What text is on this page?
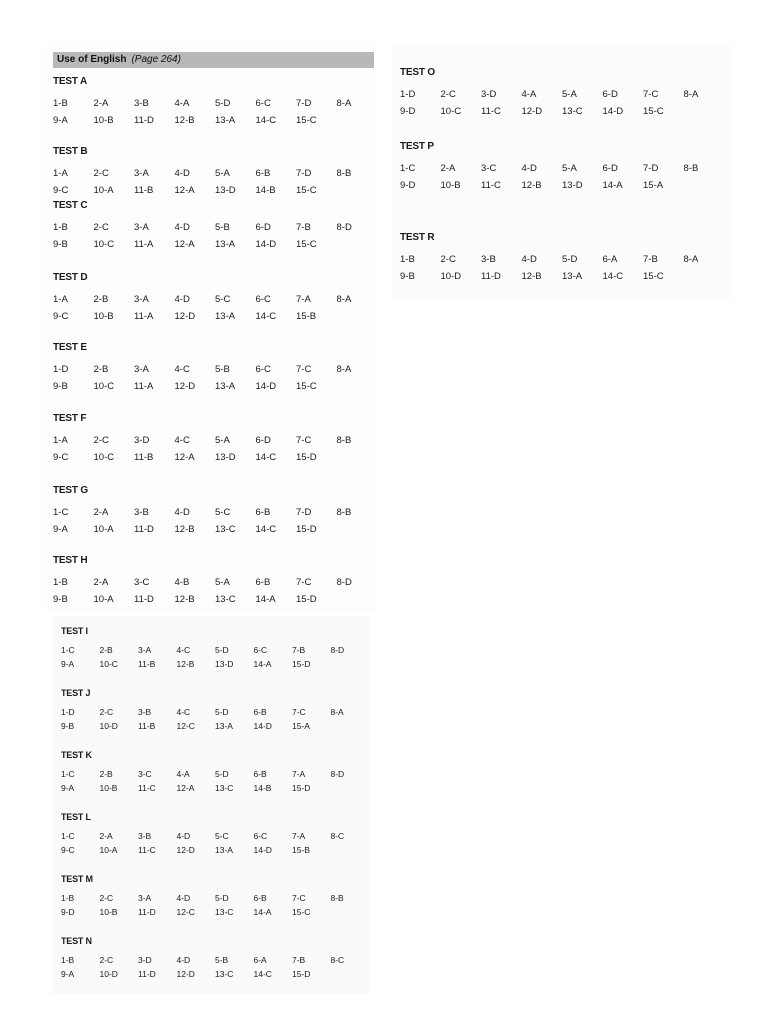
Use of English (Page 264)
TEST A
1-B	2-A	3-B	4-A	5-D	6-C	7-D	8-A
9-A	10-B	11-D	12-B	13-A	14-C	15-C
TEST B
1-A	2-C	3-A	4-D	5-A	6-B	7-D	8-B
9-C	10-A	11-B	12-A	13-D	14-B	15-C
TEST C
1-B	2-C	3-A	4-D	5-B	6-D	7-B	8-D
9-B	10-C	11-A	12-A	13-A	14-D	15-C
TEST D
1-A	2-B	3-A	4-D	5-C	6-C	7-A	8-A
9-C	10-B	11-A	12-D	13-A	14-C	15-B
TEST E
1-D	2-B	3-A	4-C	5-B	6-C	7-C	8-A
9-B	10-C	11-A	12-D	13-A	14-D	15-C
TEST F
1-A	2-C	3-D	4-C	5-A	6-D	7-C	8-B
9-C	10-C	11-B	12-A	13-D	14-C	15-D
TEST G
1-C	2-A	3-B	4-D	5-C	6-B	7-D	8-B
9-A	10-A	11-D	12-B	13-C	14-C	15-D
TEST H
1-B	2-A	3-C	4-B	5-A	6-B	7-C	8-D
9-B	10-A	11-D	12-B	13-C	14-A	15-D
TEST I
1-C	2-B	3-A	4-C	5-D	6-C	7-B	8-D
9-A	10-C	11-B	12-B	13-D	14-A	15-D
TEST J
1-D	2-C	3-B	4-C	5-D	6-B	7-C	8-A
9-B	10-D	11-B	12-C	13-A	14-D	15-A
TEST K
1-C	2-B	3-C	4-A	5-D	6-B	7-A	8-D
9-A	10-B	11-C	12-A	13-C	14-B	15-D
TEST L
1-C	2-A	3-B	4-D	5-C	6-C	7-A	8-C
9-C	10-A	11-C	12-D	13-A	14-D	15-B
TEST M
1-B	2-C	3-A	4-D	5-D	6-B	7-C	8-B
9-D	10-B	11-D	12-C	13-C	14-A	15-C
TEST N
1-B	2-C	3-D	4-D	5-B	6-A	7-B	8-C
9-A	10-D	11-D	12-D	13-C	14-C	15-D
TEST O
1-D	2-C	3-D	4-A	5-A	6-D	7-C	8-A
9-D	10-C	11-C	12-D	13-C	14-D	15-C
TEST P
1-C	2-A	3-C	4-D	5-A	6-D	7-D	8-B
9-D	10-B	11-C	12-B	13-D	14-A	15-A
TEST R
1-B	2-C	3-B	4-D	5-D	6-A	7-B	8-A
9-B	10-D	11-D	12-B	13-A	14-C	15-C
